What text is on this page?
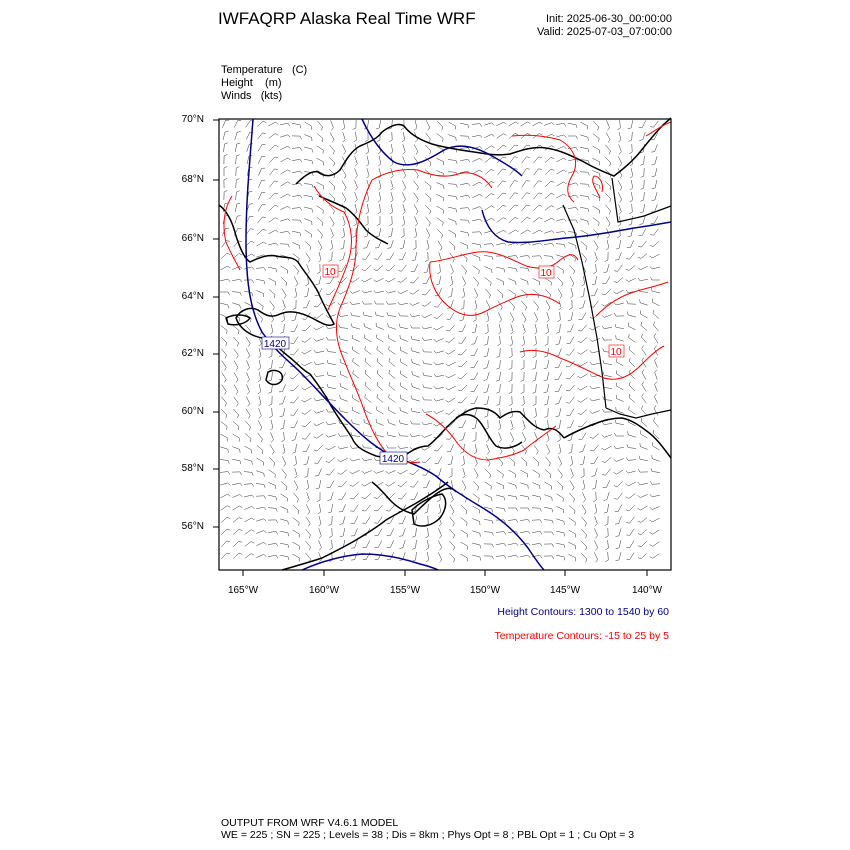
IWFAQRP Alaska Real Time WRF	Init: 2025-06-30_00:00:00
Valid: 2025-07-03_07:00:00
Temperature (C)
Height (m)
Winds (kts)
1420
1420
10	10
10
70°N
68°N
66°N
64°N
62°N
60°N
58°N
56°N
165°W	160°W	155°W	150°W	145°W	140°W
Height Contours: 1300 to 1540 by 60
Temperature Contours: -15 to 25 by 5
OUTPUT FROM WRF V4.6.1 MODEL
WE = 225 ; SN = 225 ; Levels = 38 ; Dis = 8km ; Phys Opt = 8 ; PBL Opt = 1 ; Cu Opt = 3
